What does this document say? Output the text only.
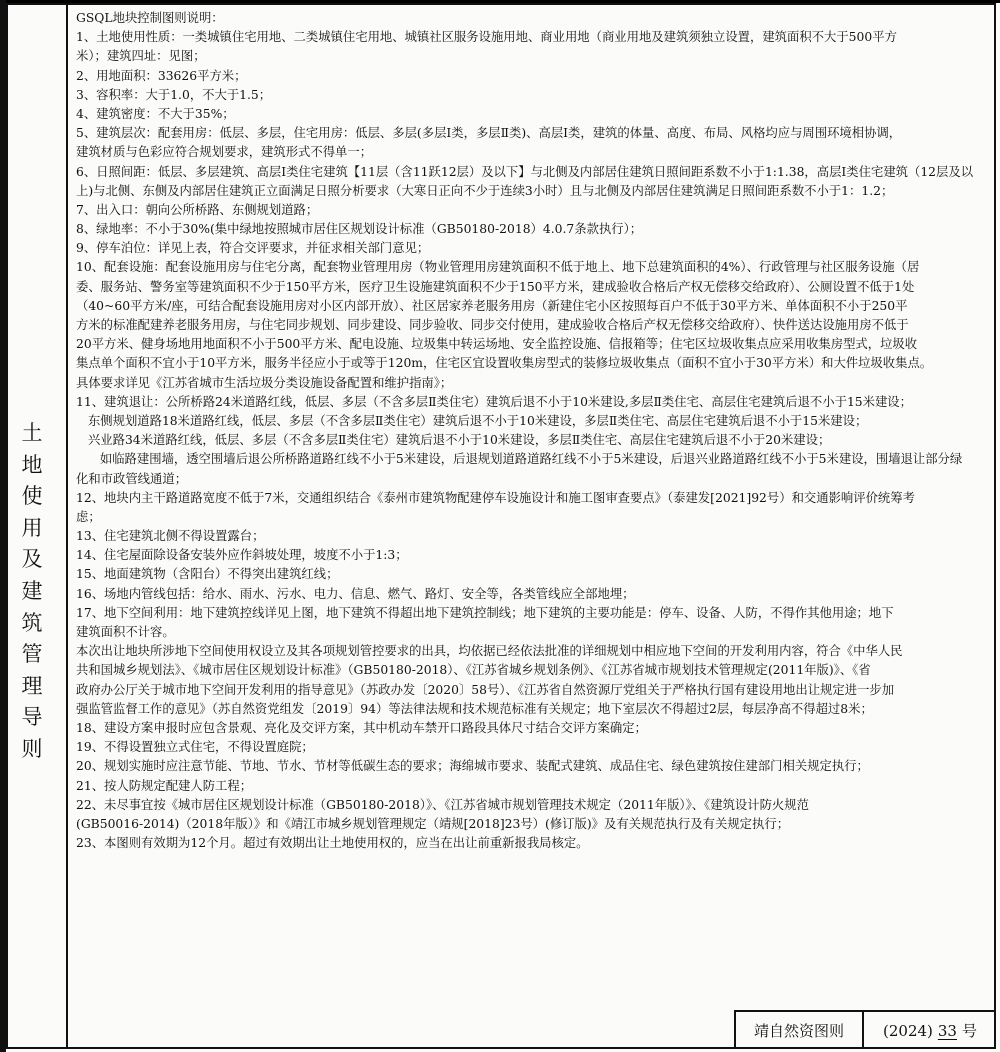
土
地
使
用
及
建
筑
管
理
导
则
GSQL地块控制图则说明：
1、土地使用性质：一类城镇住宅用地、二类城镇住宅用地、城镇社区服务设施用地、商业用地（商业用地及建筑须独立设置，建筑面积不大于500平方
米）；建筑四址：见图；
2、用地面积：33626平方米；
3、容积率：大于1.0，不大于1.5；
4、建筑密度：不大于35%；
5、建筑层次：配套用房：低层、多层，住宅用房：低层、多层(多层Ⅰ类，多层Ⅱ类)、高层Ⅰ类，建筑的体量、高度、布局、风格均应与周围环境相协调，
建筑材质与色彩应符合规划要求，建筑形式不得单一；
6、日照间距：低层、多层建筑、高层Ⅰ类住宅建筑【11层（含11跃12层）及以下】与北侧及内部居住建筑日照间距系数不小于1:1.38，高层Ⅰ类住宅建筑（12层及以
上)与北侧、东侧及内部居住建筑正立面满足日照分析要求（大寒日正向不少于连续3小时）且与北侧及内部居住建筑满足日照间距系数不小于1：1.2；
7、出入口：朝向公所桥路、东侧规划道路；
8、绿地率：不小于30%(集中绿地按照城市居住区规划设计标准（GB50180-2018）4.0.7条款执行）；
9、停车泊位：详见上表，符合交评要求，并征求相关部门意见；
10、配套设施：配套设施用房与住宅分离，配套物业管理用房（物业管理用房建筑面积不低于地上、地下总建筑面积的4%）、行政管理与社区服务设施（居
委、服务站、警务室等建筑面积不少于150平方米，医疗卫生设施建筑面积不少于150平方米，建成验收合格后产权无偿移交给政府）、公厕设置不低于1处
（40~60平方米/座，可结合配套设施用房对小区内部开放）、社区居家养老服务用房（新建住宅小区按照每百户不低于30平方米、单体面积不小于250平
方米的标准配建养老服务用房，与住宅同步规划、同步建设、同步验收、同步交付使用，建成验收合格后产权无偿移交给政府）、快件送达设施用房不低于
20平方米、健身场地用地面积不小于500平方米、配电设施、垃圾集中转运场地、安全监控设施、信报箱等；住宅区垃圾收集点应采用收集房型式，垃圾收
集点单个面积不宜小于10平方米，服务半径应小于或等于120m，住宅区宜设置收集房型式的装修垃圾收集点（面积不宜小于30平方米）和大件垃圾收集点。
具体要求详见《江苏省城市生活垃圾分类设施设备配置和维护指南》；
11、建筑退让：公所桥路24米道路红线，低层、多层（不含多层Ⅱ类住宅）建筑后退不小于10米建设,多层Ⅱ类住宅、高层住宅建筑后退不小于15米建设；
东侧规划道路18米道路红线，低层、多层（不含多层Ⅱ类住宅）建筑后退不小于10米建设，多层Ⅱ类住宅、高层住宅建筑后退不小于15米建设；
兴业路34米道路红线，低层、多层（不含多层Ⅱ类住宅）建筑后退不小于10米建设，多层Ⅱ类住宅、高层住宅建筑后退不小于20米建设；
如临路建围墙，透空围墙后退公所桥路道路红线不小于5米建设，后退规划道路道路红线不小于5米建设，后退兴业路道路红线不小于5米建设，围墙退让部分绿
化和市政管线通道；
12、地块内主干路道路宽度不低于7米，交通组织结合《泰州市建筑物配建停车设施设计和施工图审查要点》（泰建发[2021]92号）和交通影响评价统筹考
虑；
13、住宅建筑北侧不得设置露台；
14、住宅屋面除设备安装外应作斜坡处理，坡度不小于1:3；
15、地面建筑物（含阳台）不得突出建筑红线；
16、场地内管线包括：给水、雨水、污水、电力、信息、燃气、路灯、安全等，各类管线应全部地埋；
17、地下空间利用：地下建筑控线详见上图，地下建筑不得超出地下建筑控制线；地下建筑的主要功能是：停车、设备、人防，不得作其他用途；地下
建筑面积不计容。
本次出让地块所涉地下空间使用权设立及其各项规划管控要求的出具，均依据已经依法批准的详细规划中相应地下空间的开发利用内容，符合《中华人民
共和国城乡规划法》、《城市居住区规划设计标准》（GB50180-2018）、《江苏省城乡规划条例》、《江苏省城市规划技术管理规定(2011年版)》、《省
政府办公厅关于城市地下空间开发利用的指导意见》（苏政办发〔2020〕58号）、《江苏省自然资源厅党组关于严格执行国有建设用地出让规定进一步加
强监管监督工作的意见》（苏自然资党组发〔2019〕94）等法律法规和技术规范标准有关规定；地下室层次不得超过2层，每层净高不得超过8米；
18、建设方案申报时应包含景观、亮化及交评方案，其中机动车禁开口路段具体尺寸结合交评方案确定；
19、不得设置独立式住宅，不得设置庭院；
20、规划实施时应注意节能、节地、节水、节材等低碳生态的要求；海绵城市要求、装配式建筑、成品住宅、绿色建筑按住建部门相关规定执行；
21、按人防规定配建人防工程；
22、未尽事宜按《城市居住区规划设计标准（GB50180-2018）》、《江苏省城市规划管理技术规定（2011年版）》、《建筑设计防火规范
(GB50016-2014)（2018年版）》和《靖江市城乡规划管理规定（靖规[2018]23号）(修订版)》及有关规范执行及有关规定执行；
23、本图则有效期为12个月。超过有效期出让土地使用权的，应当在出让前重新报我局核定。
靖自然资图则	(2024) 33 号
